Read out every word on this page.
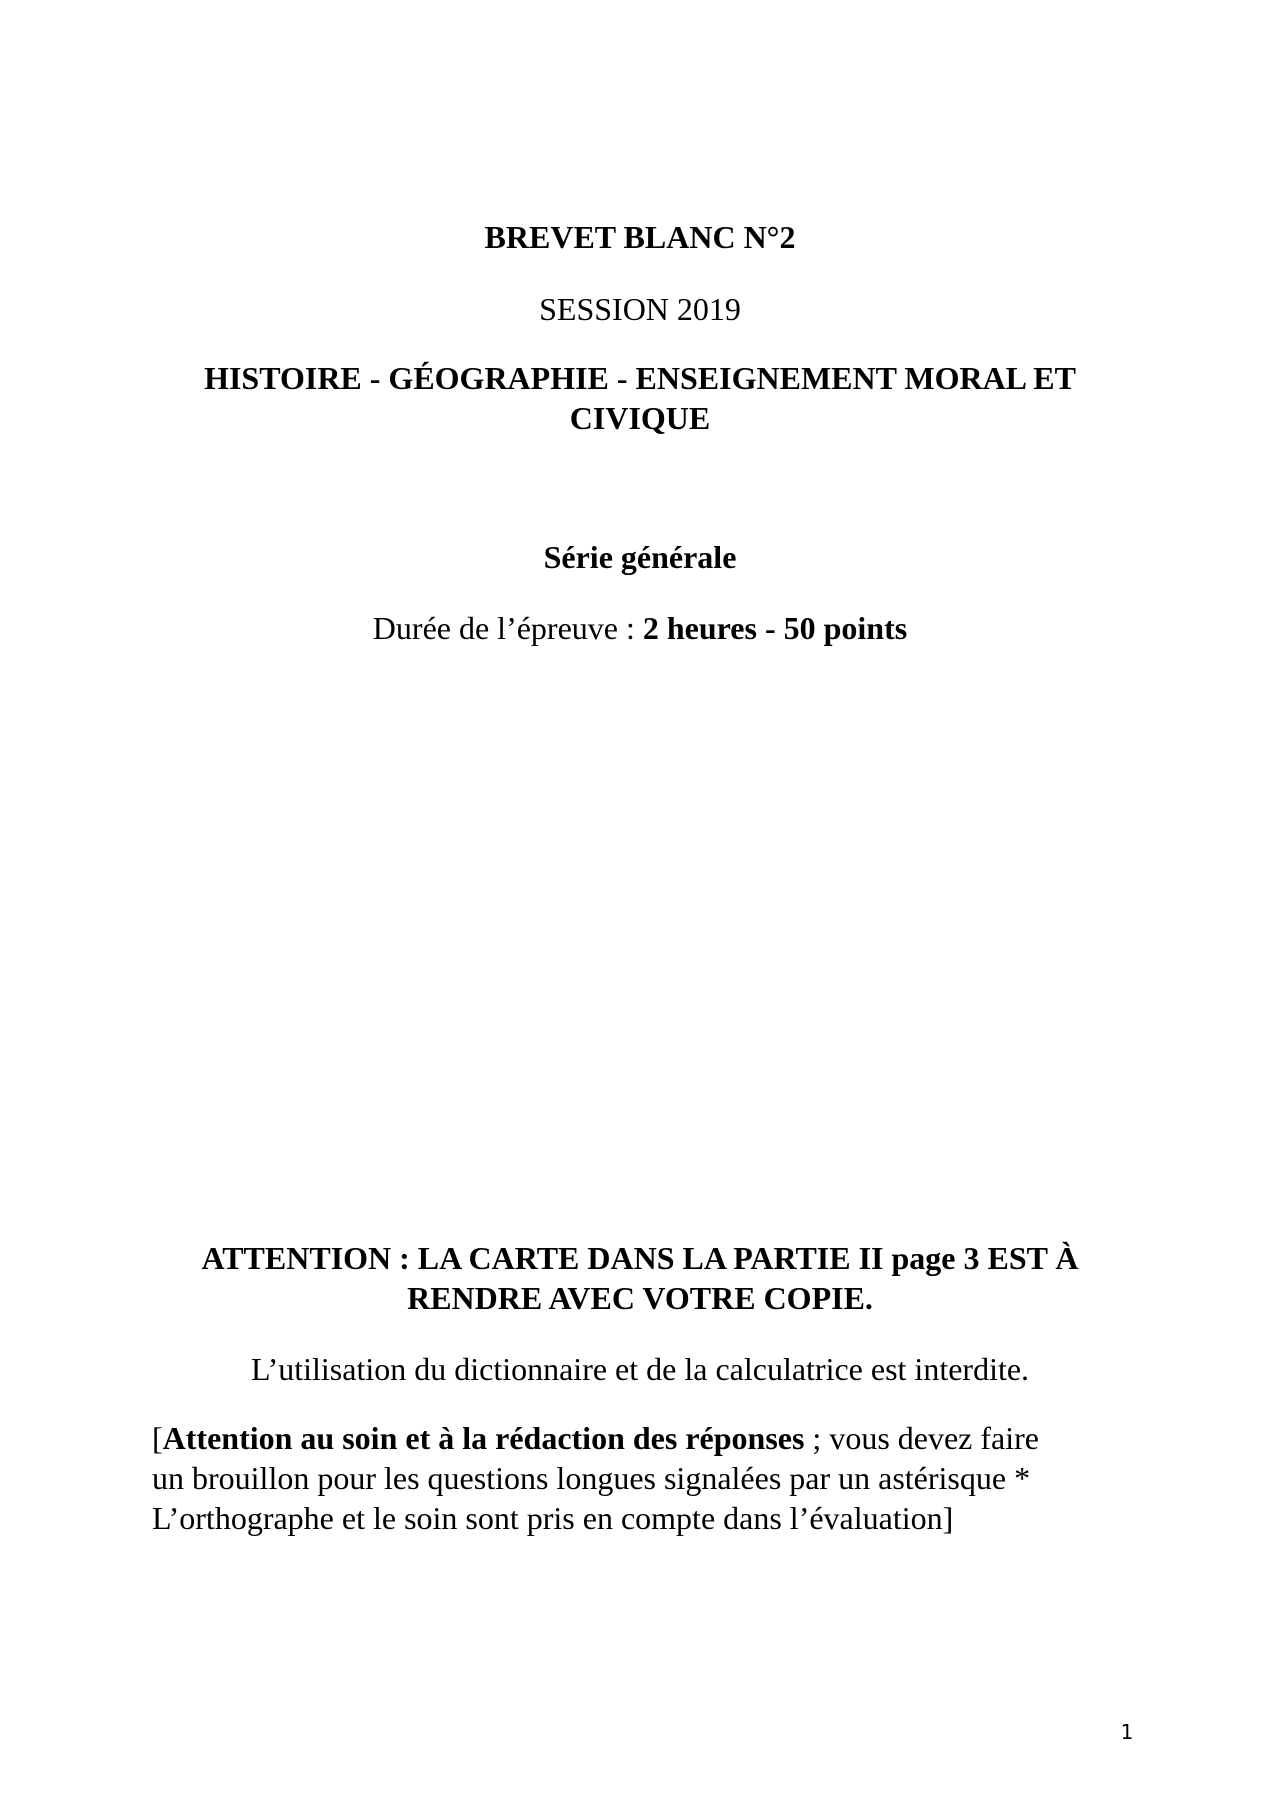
BREVET BLANC N°2
SESSION 2019
HISTOIRE - GÉOGRAPHIE - ENSEIGNEMENT MORAL ET
CIVIQUE
Série générale
Durée de l’épreuve : 2 heures - 50 points
ATTENTION : LA CARTE DANS LA PARTIE II page 3 EST À
RENDRE AVEC VOTRE COPIE.
L’utilisation du dictionnaire et de la calculatrice est interdite.
[Attention au soin et à la rédaction des réponses ; vous devez faire
un brouillon pour les questions longues signalées par un astérisque *
L’orthographe et le soin sont pris en compte dans l’évaluation]
1
